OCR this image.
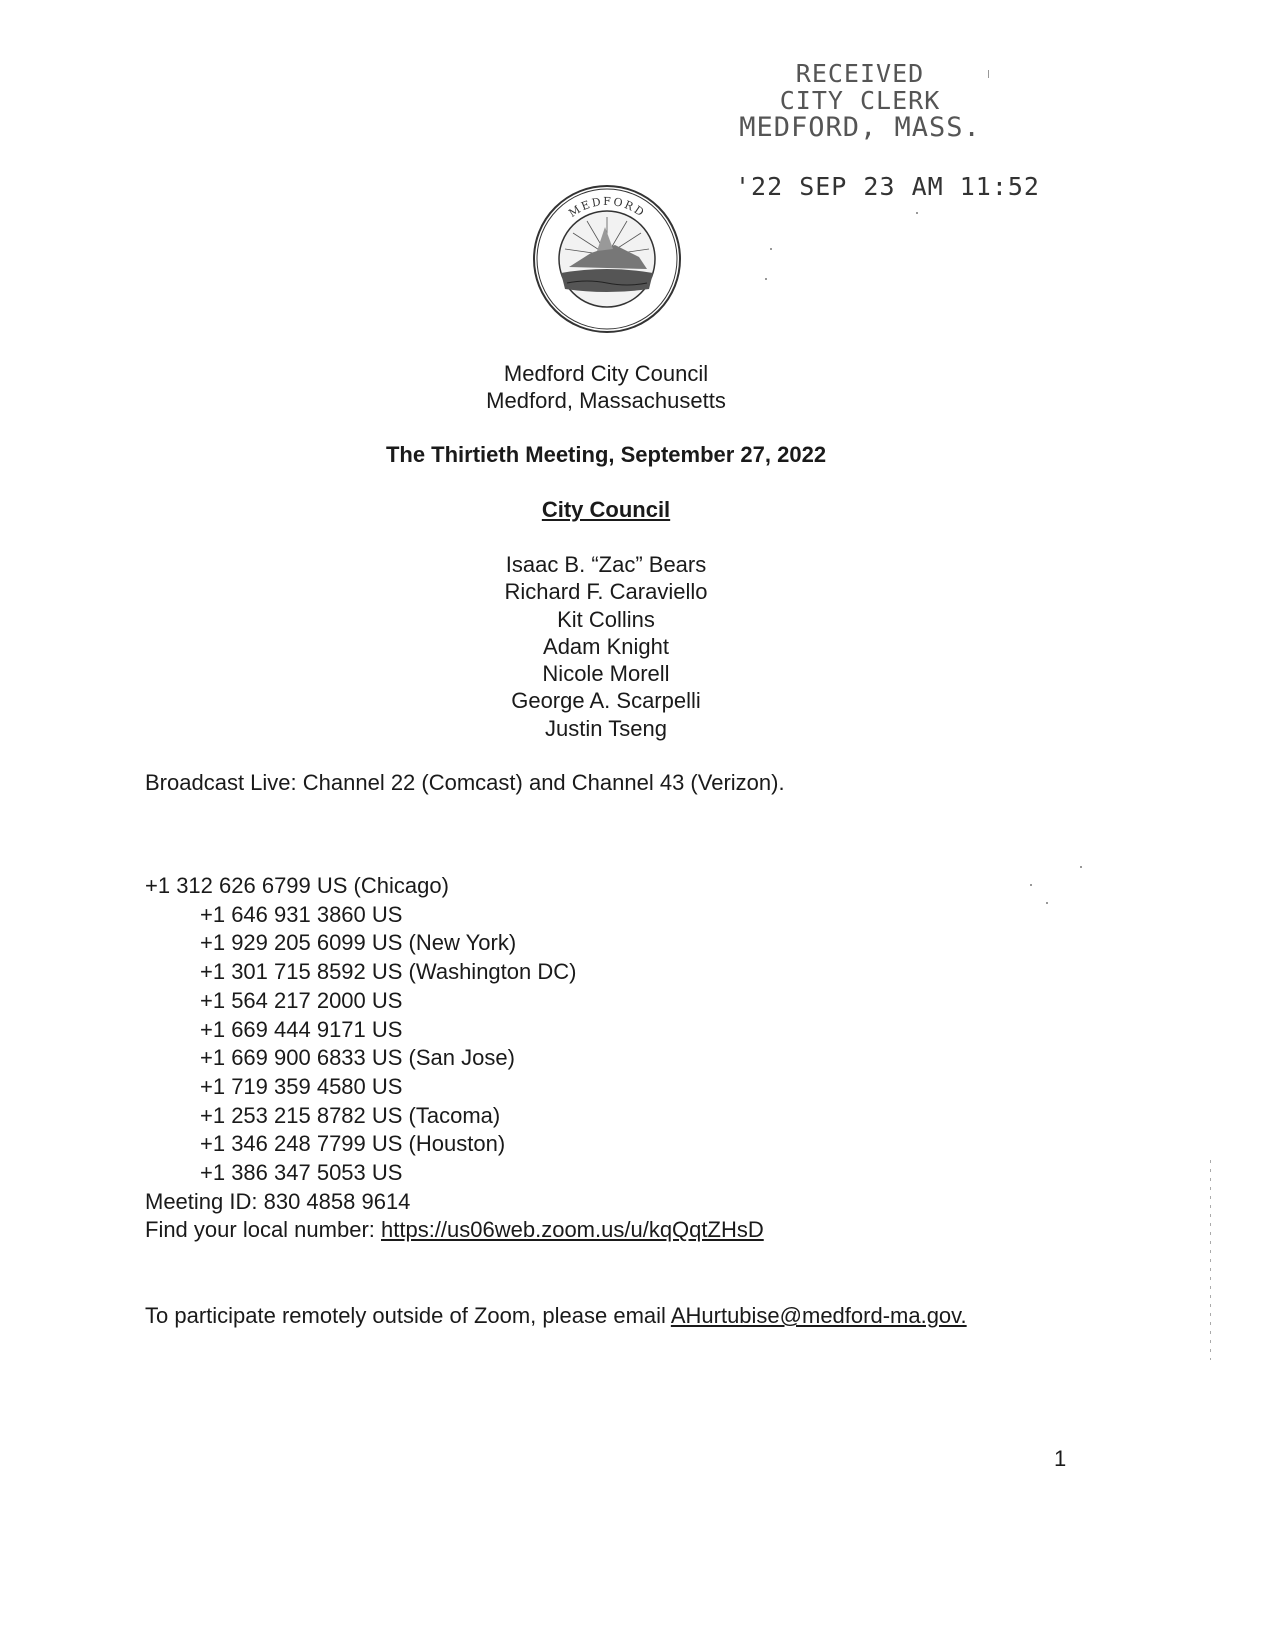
RECEIVED
CITY CLERK
MEDFORD, MASS.
'22 SEP 23 AM 11:52
MEDFORD
Medford City Council
Medford, Massachusetts
The Thirtieth Meeting, September 27, 2022
City Council
Isaac B. “Zac” Bears
Richard F. Caraviello
Kit Collins
Adam Knight
Nicole Morell
George A. Scarpelli
Justin Tseng
Broadcast Live: Channel 22 (Comcast) and Channel 43 (Verizon).
+1 312 626 6799 US (Chicago)
+1 646 931 3860 US
+1 929 205 6099 US (New York)
+1 301 715 8592 US (Washington DC)
+1 564 217 2000 US
+1 669 444 9171 US
+1 669 900 6833 US (San Jose)
+1 719 359 4580 US
+1 253 215 8782 US (Tacoma)
+1 346 248 7799 US (Houston)
+1 386 347 5053 US
Meeting ID: 830 4858 9614
Find your local number: https://us06web.zoom.us/u/kqQqtZHsD
To participate remotely outside of Zoom, please email AHurtubise@medford-ma.gov.
1
